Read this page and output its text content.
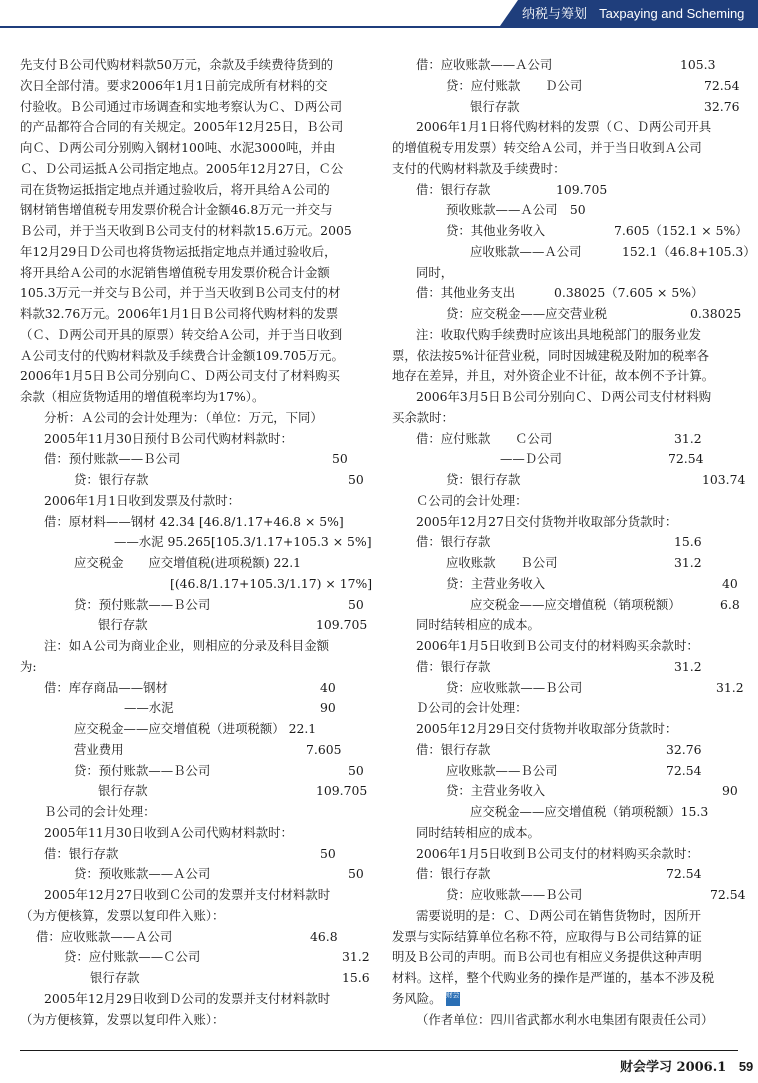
纳税与筹划 Taxpaying and Scheming
先支付Ｂ公司代购材料款50万元，余款及手续费待货到的
次日全部付清。要求2006年1月1日前完成所有材料的交
付验收。Ｂ公司通过市场调查和实地考察认为Ｃ、Ｄ两公司
的产品都符合合同的有关规定。2005年12月25日，Ｂ公司
向Ｃ、Ｄ两公司分别购入钢材100吨、水泥3000吨，并由
Ｃ、Ｄ公司运抵Ａ公司指定地点。2005年12月27日，Ｃ公
司在货物运抵指定地点并通过验收后，将开具给Ａ公司的
钢材销售增值税专用发票价税合计金额46.8万元一并交与
Ｂ公司，并于当天收到Ｂ公司支付的材料款15.6万元。2005
年12月29日Ｄ公司也将货物运抵指定地点并通过验收后，
将开具给Ａ公司的水泥销售增值税专用发票价税合计金额
105.3万元一并交与Ｂ公司，并于当天收到Ｂ公司支付的材
料款32.76万元。2006年1月1日Ｂ公司将代购材料的发票
（Ｃ、Ｄ两公司开具的原票）转交给Ａ公司，并于当日收到
Ａ公司支付的代购材料款及手续费合计金额109.705万元。
2006年1月5日Ｂ公司分别向Ｃ、Ｄ两公司支付了材料购买
余款（相应货物适用的增值税率均为17%）。
分析：Ａ公司的会计处理为：（单位：万元，下同）
2005年11月30日预付Ｂ公司代购材料款时：
借：预付账款——Ｂ公司	50
贷：银行存款	50
2006年1月1日收到发票及付款时：
借：原材料——钢材 42.34 [46.8/1.17+46.8 × 5%]
——水泥 95.265[105.3/1.17+105.3 × 5%]
应交税金　　应交增值税(进项税额) 22.1
[(46.8/1.17+105.3/1.17) × 17%]
贷：预付账款——Ｂ公司	50
银行存款	109.705
注：如Ａ公司为商业企业，则相应的分录及科目金额
为:
借：库存商品——钢材	40
——水泥	90
应交税金——应交增值税（进项税额） 22.1
营业费用	7.605
贷：预付账款——Ｂ公司	50
银行存款	109.705
Ｂ公司的会计处理：
2005年11月30日收到Ａ公司代购材料款时：
借：银行存款	50
贷：预收账款——Ａ公司	50
2005年12月27日收到Ｃ公司的发票并支付材料款时
（为方便核算，发票以复印件入账）：
借：应收账款——Ａ公司	46.8
贷：应付账款——Ｃ公司	31.2
银行存款	15.6
2005年12月29日收到Ｄ公司的发票并支付材料款时
（为方便核算，发票以复印件入账）：
借：应收账款——Ａ公司	105.3
贷：应付账款　　Ｄ公司	72.54
银行存款	32.76
2006年1月1日将代购材料的发票（Ｃ、Ｄ两公司开具
的增值税专用发票）转交给Ａ公司，并于当日收到Ａ公司
支付的代购材料款及手续费时：
借：银行存款	109.705
预收账款——Ａ公司　50
贷：其他业务收入	7.605（152.1 × 5%）
应收账款——Ａ公司	152.1（46.8+105.3）
同时，
借：其他业务支出	0.38025（7.605 × 5%）
贷：应交税金——应交营业税	0.38025
注：收取代购手续费时应该出具地税部门的服务业发
票，依法按5%计征营业税，同时因城建税及附加的税率各
地存在差异，并且，对外资企业不计征，故本例不予计算。
2006年3月5日Ｂ公司分别向Ｃ、Ｄ两公司支付材料购
买余款时：
借：应付账款　　Ｃ公司	31.2
——Ｄ公司	72.54
贷：银行存款	103.74
Ｃ公司的会计处理：
2005年12月27日交付货物并收取部分货款时：
借：银行存款	15.6
应收账款　　Ｂ公司	31.2
贷：主营业务收入	40
应交税金——应交增值税（销项税额）	6.8
同时结转相应的成本。
2006年1月5日收到Ｂ公司支付的材料购买余款时：
借：银行存款	31.2
贷：应收账款——Ｂ公司	31.2
Ｄ公司的会计处理：
2005年12月29日交付货物并收取部分货款时：
借：银行存款	32.76
应收账款——Ｂ公司	72.54
贷：主营业务收入	90
应交税金——应交增值税（销项税额）15.3
同时结转相应的成本。
2006年1月5日收到Ｂ公司支付的材料购买余款时：
借：银行存款	72.54
贷：应收账款——Ｂ公司	72.54
需要说明的是：Ｃ、Ｄ两公司在销售货物时，因所开
发票与实际结算单位名称不符，应取得与Ｂ公司结算的证
明及Ｂ公司的声明。而Ｂ公司也有相应义务提供这种声明
材料。这样，整个代购业务的操作是严谨的，基本不涉及税
务风险。 财会 学习
（作者单位：四川省武都水利水电集团有限责任公司）
财会学习 2006.1 59
